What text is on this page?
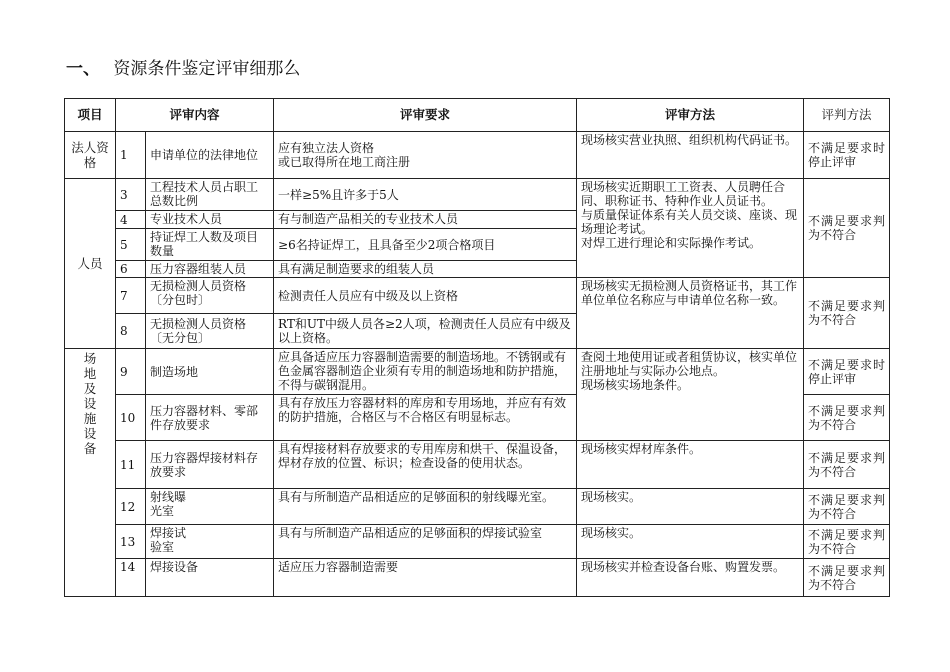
一、 资源条件鉴定评审细那么
项目	评审内容		评审要求	评审方法	评判方法
法人资格	1	申请单位的法律地位	应有独立法人资格
或已取得所在地工商注册	现场核实营业执照、组织机构代码证书。	不满足要求时停止评审
人员	3	工程技术人员占职工总数比例	一样≥5%且许多于5人	现场核实近期职工工资表、人员聘任合同、职称证书、特种作业人员证书。
与质量保证体系有关人员交谈、座谈、现场理论考试。
对焊工进行理论和实际操作考试。	不满足要求判为不符合
	4	专业技术人员	有与制造产品相关的专业技术人员		
	5	持证焊工人数及项目数量	≥6名持证焊工，且具备至少2项合格项目		
	6	压力容器组装人员	具有满足制造要求的组装人员		
	7	无损检测人员资格〔分包时〕	检测责任人员应有中级及以上资格	现场核实无损检测人员资格证书，其工作单位单位名称应与申请单位名称一致。	不满足要求判为不符合
	8	无损检测人员资格〔无分包〕	RT和UT中级人员各≥2人项，检测责任人员应有中级及以上资格。		

场地及设施设备	9	制造场地	应具备适应压力容器制造需要的制造场地。不锈钢或有色金属容器制造企业须有专用的制造场地和防护措施，不得与碳钢混用。	查阅土地使用证或者租赁协议，核实单位注册地址与实际办公地点。
现场核实场地条件。	不满足要求时停止评审
	10	压力容器材料、零部件存放要求	具有存放压力容器材料的库房和专用场地，并应有有效的防护措施，合格区与不合格区有明显标志。		不满足要求判为不符合
	11	压力容器焊接材料存放要求	具有焊接材料存放要求的专用库房和烘干、保温设备，焊材存放的位置、标识；检查设备的使用状态。	现场核实焊材库条件。	不满足要求判为不符合
	12	射线曝
光室	具有与所制造产品相适应的足够面积的射线曝光室。	现场核实。	不满足要求判为不符合
	13	焊接试
验室	具有与所制造产品相适应的足够面积的焊接试验室	现场核实。	不满足要求判为不符合
	14	焊接设备	适应压力容器制造需要	现场核实并检查设备台账、购置发票。	不满足要求判为不符合
